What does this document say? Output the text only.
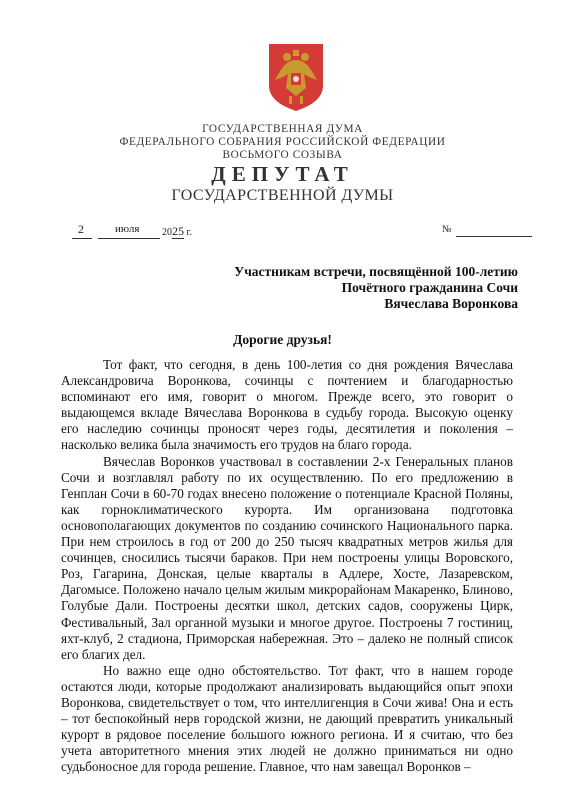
ГОСУДАРСТВЕННАЯ ДУМА
ФЕДЕРАЛЬНОГО СОБРАНИЯ РОССИЙСКОЙ ФЕДЕРАЦИИ
ВОСЬМОГО СОЗЫВА
ДЕПУТАТ
ГОСУДАРСТВЕННОЙ ДУМЫ
2	июля 2025 г.	№
Участникам встречи, посвящённой 100-летию
Почётного гражданина Сочи
Вячеслава Воронкова
Дорогие друзья!

Тот факт, что сегодня, в день 100-летия со дня рождения Вячеслава Александровича Воронкова, сочинцы с почтением и благодарностью вспоминают его имя, говорит о многом. Прежде всего, это говорит о выдающемся вкладе Вячеслава Воронкова в судьбу города. Высокую оценку его наследию сочинцы проносят через годы, десятилетия и поколения – насколько велика была значимость его трудов на благо города.

Вячеслав Воронков участвовал в составлении 2-х Генеральных планов Сочи и возглавлял работу по их осуществлению. По его предложению в Генплан Сочи в 60-70 годах внесено положение о потенциале Красной Поляны, как горноклиматического курорта. Им организована подготовка основополагающих документов по созданию сочинского Национального парка. При нем строилось в год от 200 до 250 тысяч квадратных метров жилья для сочинцев, сносились тысячи бараков. При нем построены улицы Воровского, Роз, Гагарина, Донская, целые кварталы в Адлере, Хосте, Лазаревском, Дагомысе. Положено начало целым жилым микрорайонам Макаренко, Блиново, Голубые Дали. Построены десятки школ, детских садов, сооружены Цирк, Фестивальный, Зал органной музыки и многое другое. Построены 7 гостиниц, яхт-клуб, 2 стадиона, Приморская набережная. Это – далеко не полный список его благих дел.

Но важно еще одно обстоятельство. Тот факт, что в нашем городе остаются люди, которые продолжают анализировать выдающийся опыт эпохи Воронкова, свидетельствует о том, что интеллигенция в Сочи жива! Она и есть – тот беспокойный нерв городской жизни, не дающий превратить уникальный курорт в рядовое поселение большого южного региона. И я считаю, что без учета авторитетного мнения этих людей не должно приниматься ни одно судьбоносное для города решение. Главное, что нам завещал Воронков –
